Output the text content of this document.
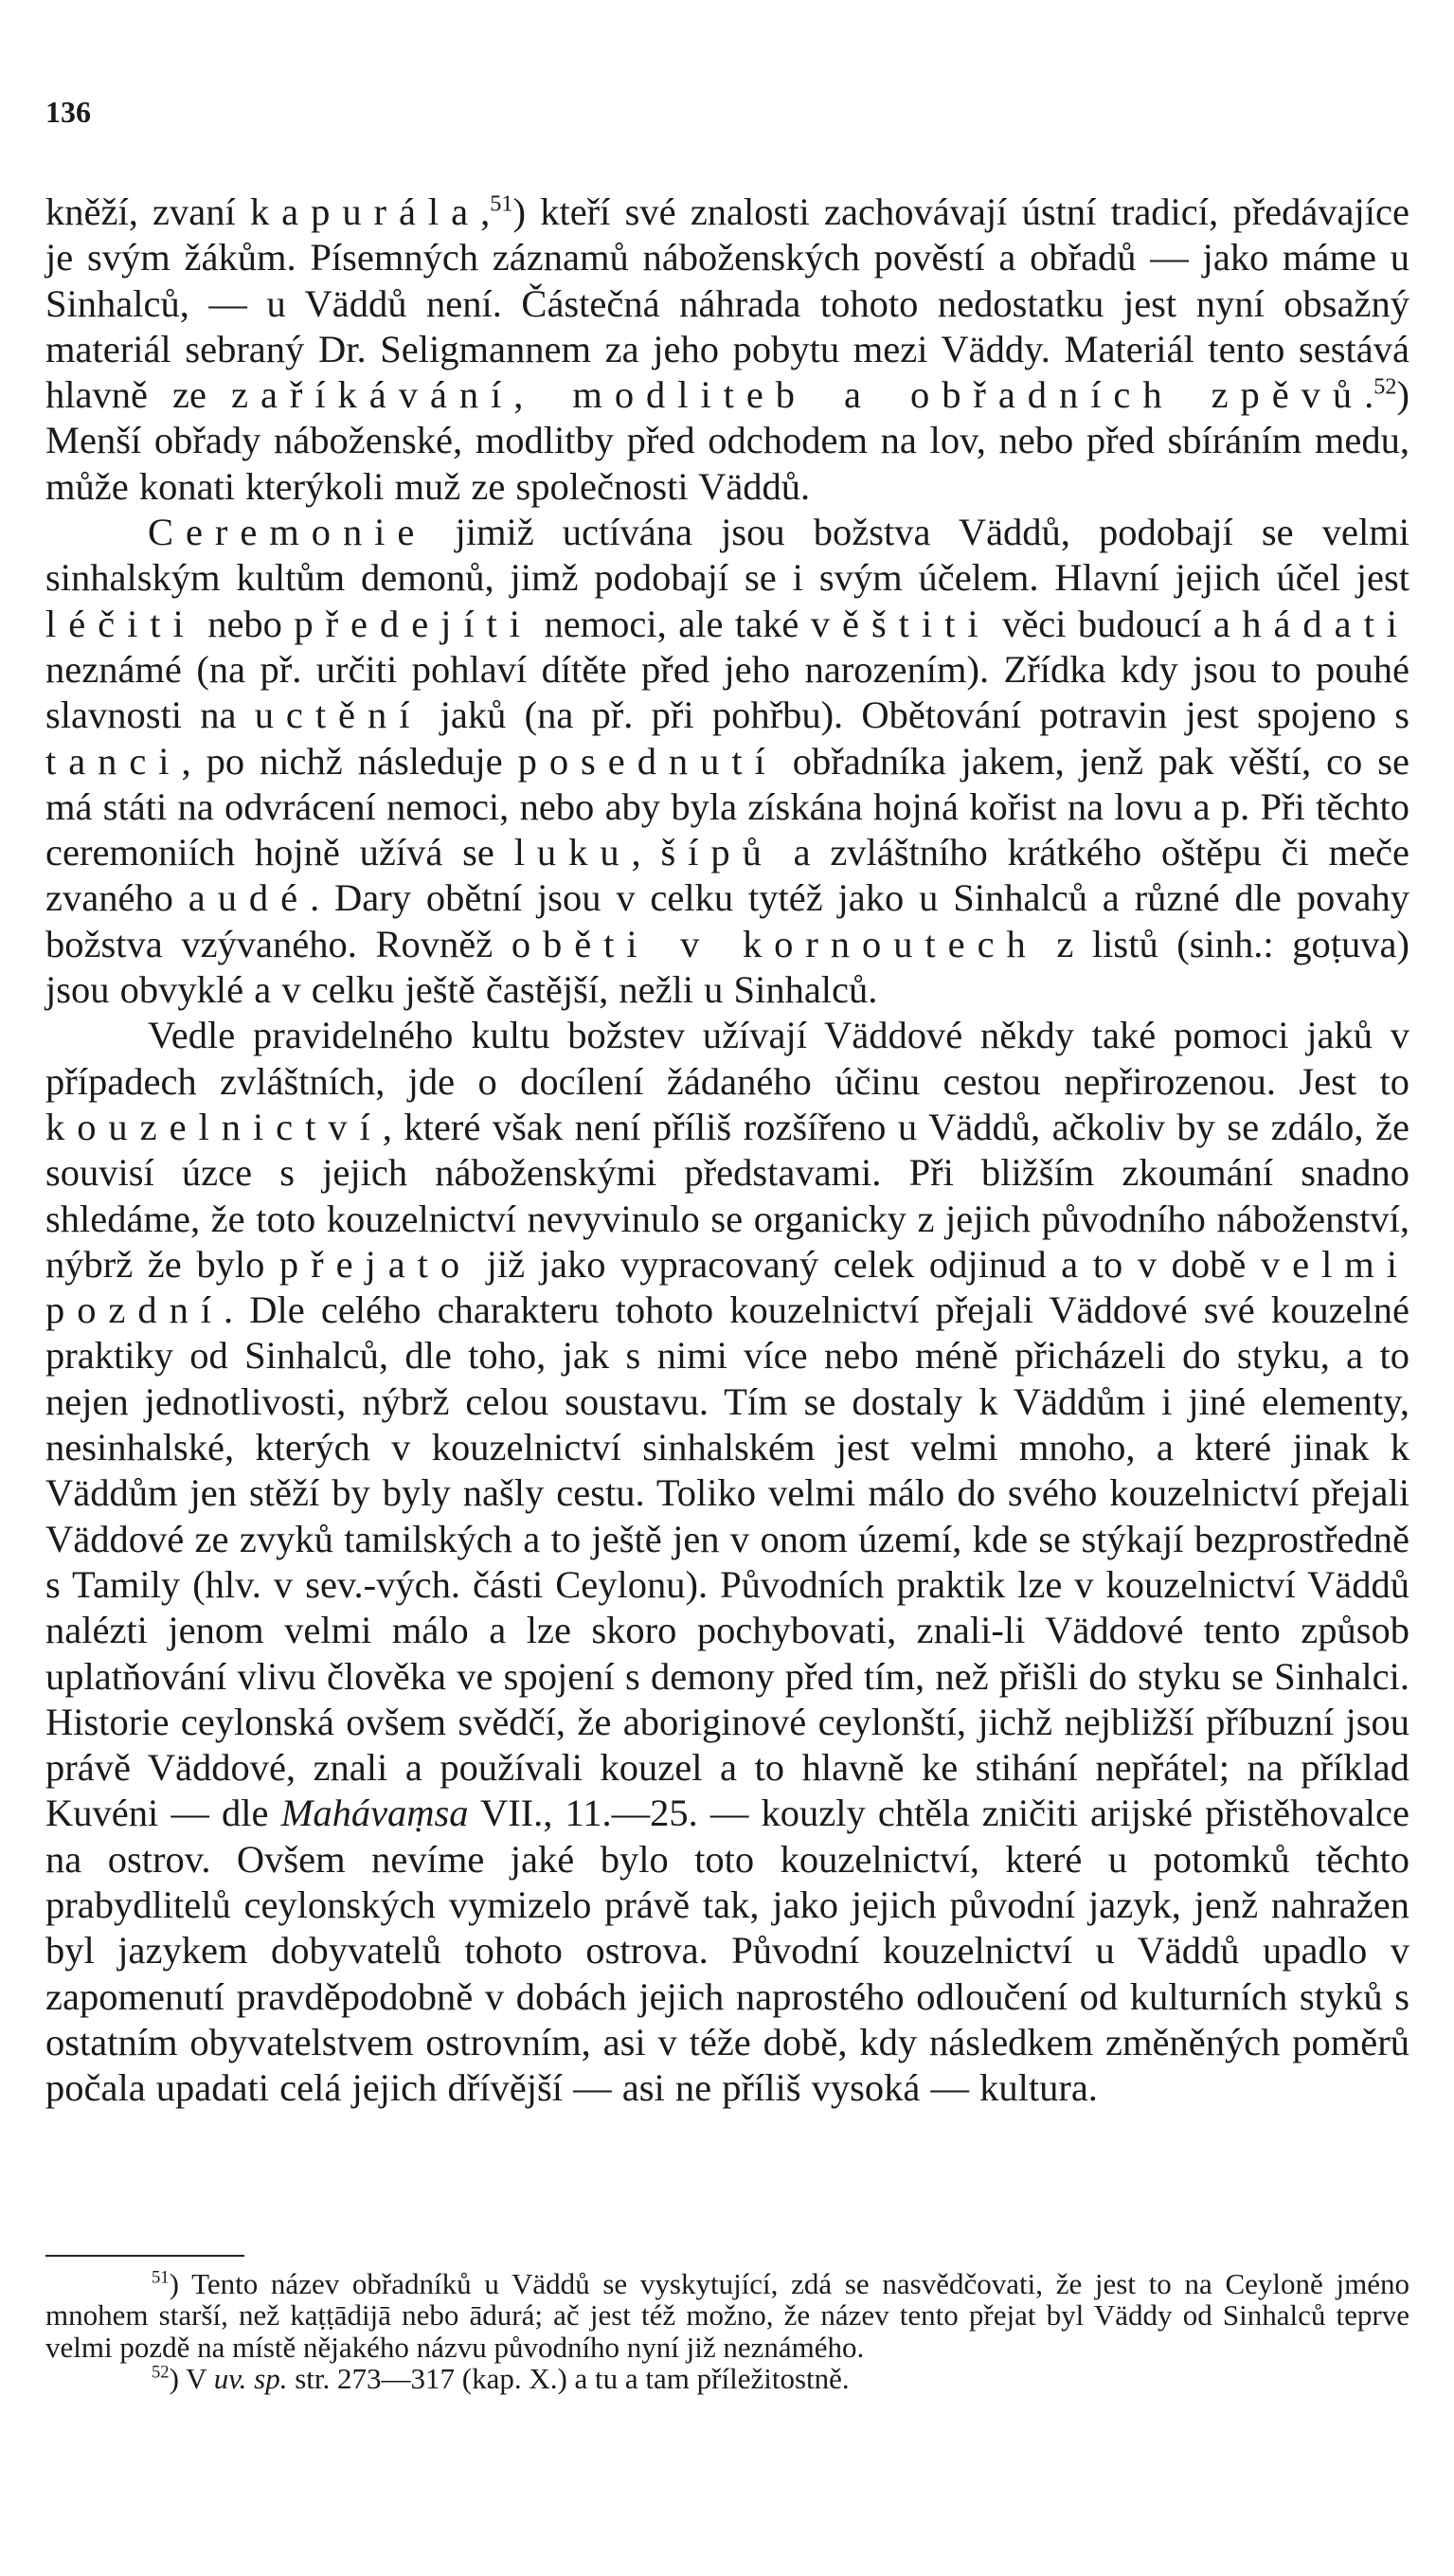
136

kněží, zvaní kapurála,$^{51}$) kteří své znalosti zachovávají ústní tradicí, předávajíce je svým žákům. Písemných záznamů náboženských pověstí a obřadů — jako máme u Sinhalců, — u Väddů není. Částečná náhrada tohoto nedostatku jest nyní obsažný materiál sebraný Dr. Seligmannem za jeho pobytu mezi Väddy. Materiál tento sestává hlavně ze zaříkávání, modliteb a obřadních zpěvů.$^{52}$) Menší obřady náboženské, modlitby před odchodem na lov, nebo před sbíráním medu, může konati kterýkoli muž ze společnosti Väddů.

Ceremonie jimiž uctívána jsou božstva Väddů, podobají se velmi sinhalským kultům demonů, jimž podobají se i svým účelem. Hlavní jejich účel jest léčiti nebo předejíti nemoci, ale také věštiti věci budoucí a hádati neznámé (na př. určiti pohlaví dítěte před jeho narozením). Zřídka kdy jsou to pouhé slavnosti na uctění jaků (na př. při pohřbu). Obětování potravin jest spojeno s tanci, po nichž následuje posednutí obřadníka jakem, jenž pak věští, co se má státi na odvrácení nemoci, nebo aby byla získána hojná kořist na lovu a p. Při těchto ceremoniích hojně užívá se luku, šípů a zvláštního krátkého oštěpu či meče zvaného audé. Dary obětní jsou v celku tytéž jako u Sinhalců a různé dle povahy božstva vzývaného. Rovněž oběti v kornoutech z listů (sinh.: goṭuva) jsou obvyklé a v celku ještě častější, nežli u Sinhalců.

Vedle pravidelného kultu božstev užívají Väddové někdy také pomoci jaků v případech zvláštních, jde o docílení žádaného účinu cestou nepřirozenou. Jest to kouzelnictví, které však není příliš rozšířeno u Väddů, ačkoliv by se zdálo, že souvisí úzce s jejich náboženskými představami. Při bližším zkoumání snadno shledáme, že toto kouzelnictví nevyvinulo se organicky z jejich původního náboženství, nýbrž že bylo přejato již jako vypracovaný celek odjinud a to v době velmi pozdní. Dle celého charakteru tohoto kouzelnictví přejali Väddové své kouzelné praktiky od Sinhalců, dle toho, jak s nimi více nebo méně přicházeli do styku, a to nejen jednotlivosti, nýbrž celou soustavu. Tím se dostaly k Väddům i jiné elementy, nesinhalské, kterých v kouzelnictví sinhalském jest velmi mnoho, a které jinak k Väddům jen stěží by byly našly cestu. Toliko velmi málo do svého kouzelnictví přejali Väddové ze zvyků tamilských a to ještě jen v onom území, kde se stýkají bezprostředně s Tamily (hlv. v sev.-vých. části Ceylonu). Původních praktik lze v kouzelnictví Väddů nalézti jenom velmi málo a lze skoro pochybovati, znali-li Väddové tento způsob uplatňování vlivu člověka ve spojení s demony před tím, než přišli do styku se Sinhalci. Historie ceylonská ovšem svědčí, že aboriginové ceylonští, jichž nejbližší příbuzní jsou právě Väddové, znali a používali kouzel a to hlavně ke stihání nepřátel; na příklad Kuvéni — dle Mahávaṃsa VII., 11.—25. — kouzly chtěla zničiti arijské přistěhovalce na ostrov. Ovšem nevíme jaké bylo toto kouzelnictví, které u potomků těchto prabydlitelů ceylonských vymizelo právě tak, jako jejich původní jazyk, jenž nahražen byl jazykem dobyvatelů tohoto ostrova. Původní kouzelnictví u Väddů upadlo v zapomenutí pravděpodobně v dobách jejich naprostého odloučení od kulturních styků s ostatním obyvatelstvem ostrovním, asi v téže době, kdy následkem změněných poměrů počala upadati celá jejich dřívější — asi ne příliš vysoká — kultura.

$^{51}$) Tento název obřadníků u Väddů se vyskytující, zdá se nasvědčovati, že jest to na Ceyloně jméno mnohem starší, než kaṭṭādijā nebo ādurá; ač jest též možno, že název tento přejat byl Väddy od Sinhalců teprve velmi pozdě na místě nějakého názvu původního nyní již neznámého.

$^{52}$) V uv. sp. str. 273—317 (kap. X.) a tu a tam příležitostně.
